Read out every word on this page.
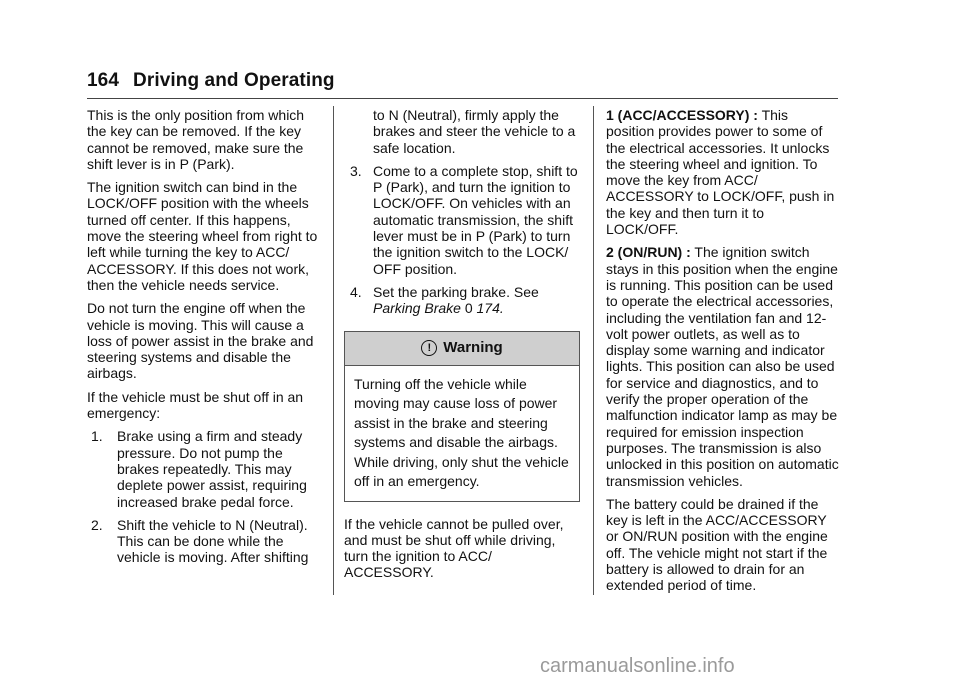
164 Driving and Operating

This is the only position from which the key can be removed. If the key cannot be removed, make sure the shift lever is in P (Park).

The ignition switch can bind in the LOCK/OFF position with the wheels turned off center. If this happens, move the steering wheel from right to left while turning the key to ACC/ ACCESSORY. If this does not work, then the vehicle needs service.

Do not turn the engine off when the vehicle is moving. This will cause a loss of power assist in the brake and steering systems and disable the airbags.

If the vehicle must be shut off in an emergency:

1. Brake using a firm and steady pressure. Do not pump the brakes repeatedly. This may deplete power assist, requiring increased brake pedal force.
2. Shift the vehicle to N (Neutral). This can be done while the vehicle is moving. After shifting
to N (Neutral), firmly apply the brakes and steer the vehicle to a safe location.
3. Come to a complete stop, shift to P (Park), and turn the ignition to LOCK/OFF. On vehicles with an automatic transmission, the shift lever must be in P (Park) to turn the ignition switch to the LOCK/ OFF position.
4. Set the parking brake. See
Parking Brake 0 174.
! Warning
Turning off the vehicle while moving may cause loss of power assist in the brake and steering systems and disable the airbags. While driving, only shut the vehicle off in an emergency.

If the vehicle cannot be pulled over, and must be shut off while driving, turn the ignition to ACC/ ACCESSORY.

1 (ACC/ACCESSORY) : This position provides power to some of the electrical accessories. It unlocks the steering wheel and ignition. To move the key from ACC/ ACCESSORY to LOCK/OFF, push in the key and then turn it to LOCK/OFF.

2 (ON/RUN) : The ignition switch stays in this position when the engine is running. This position can be used to operate the electrical accessories, including the ventilation fan and 12-volt power outlets, as well as to display some warning and indicator lights. This position can also be used for service and diagnostics, and to verify the proper operation of the malfunction indicator lamp as may be required for emission inspection purposes. The transmission is also unlocked in this position on automatic transmission vehicles.

The battery could be drained if the key is left in the ACC/ACCESSORY or ON/RUN position with the engine off. The vehicle might not start if the battery is allowed to drain for an extended period of time.

carmanualsonline.info
